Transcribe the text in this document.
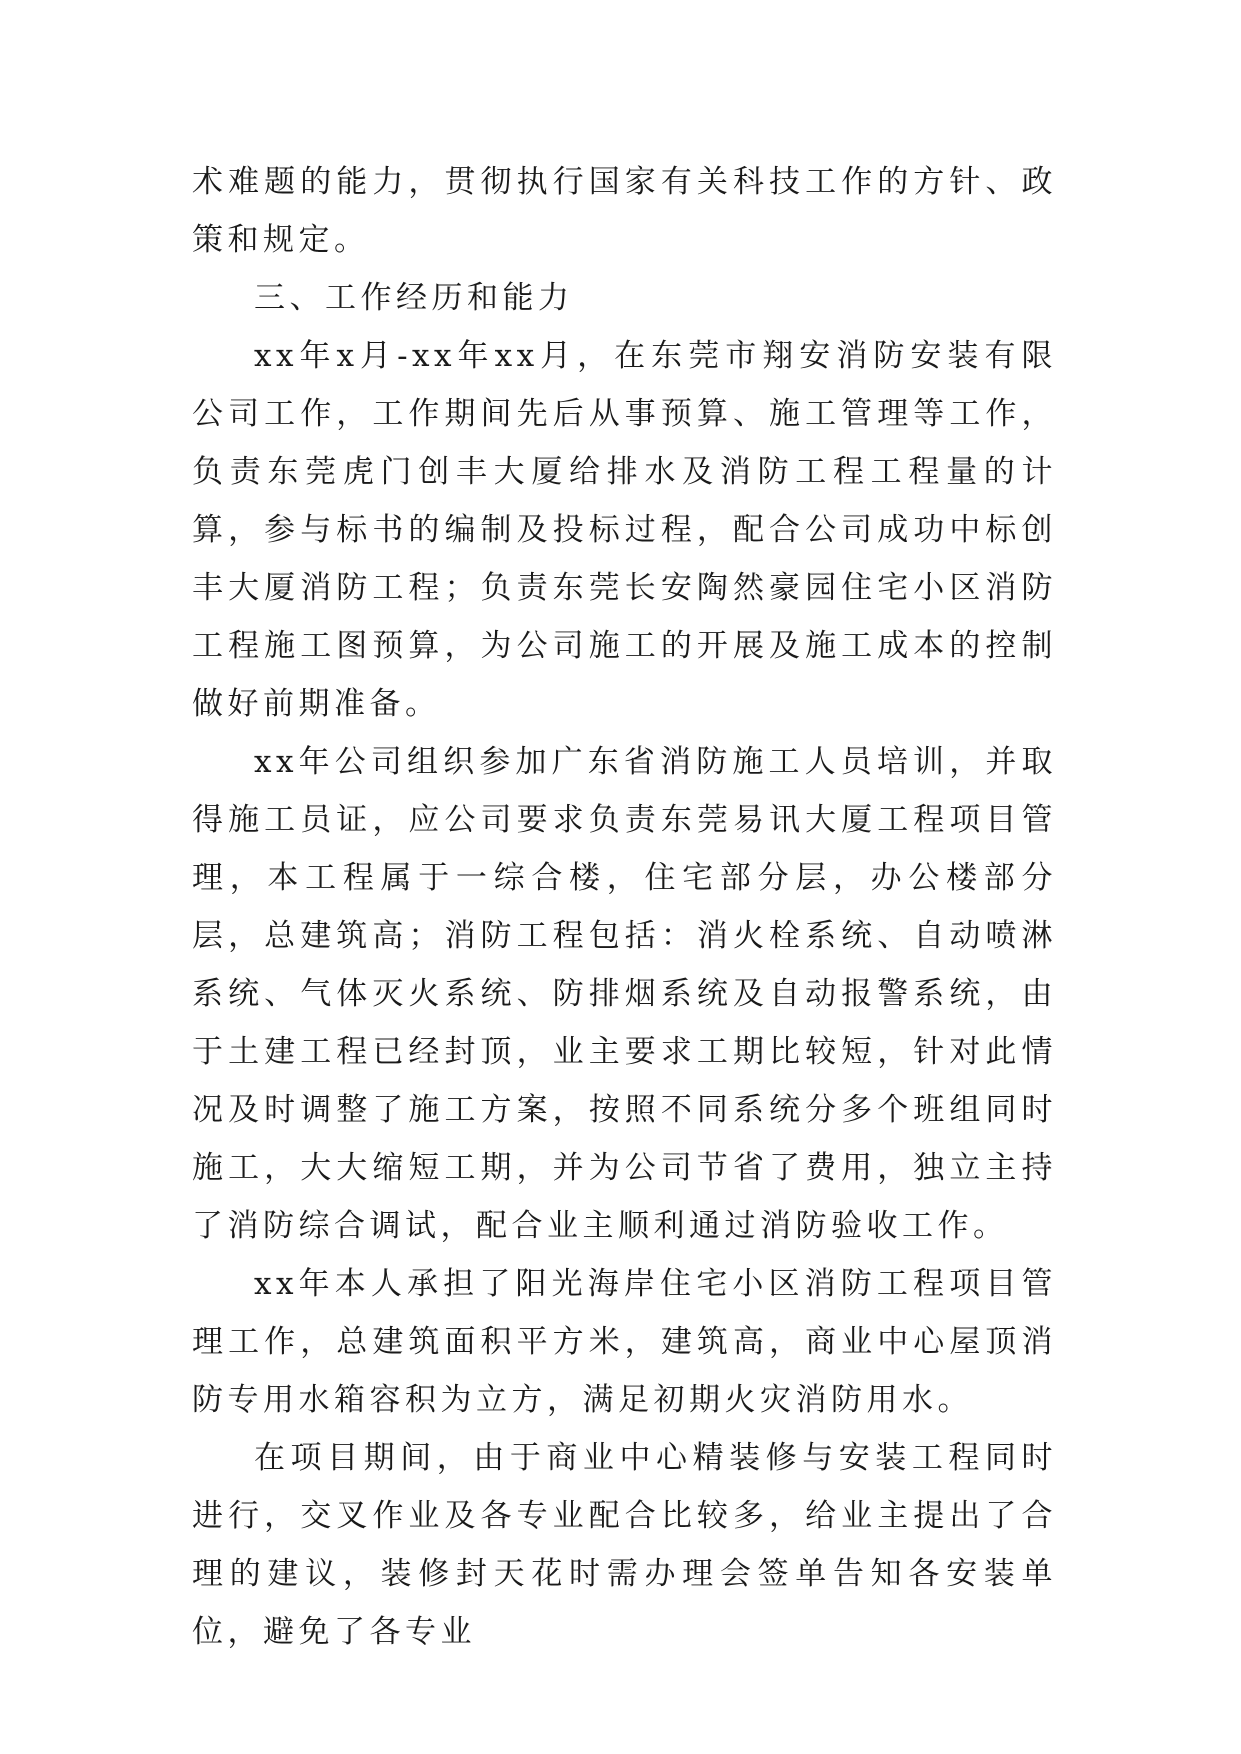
术难题的能力，贯彻执行国家有关科技工作的方针、政策和规定。

三、工作经历和能力

xx年x月-xx年xx月，在东莞市翔安消防安装有限公司工作，工作期间先后从事预算、施工管理等工作，负责东莞虎门创丰大厦给排水及消防工程工程量的计算，参与标书的编制及投标过程，配合公司成功中标创丰大厦消防工程；负责东莞长安陶然豪园住宅小区消防工程施工图预算，为公司施工的开展及施工成本的控制做好前期准备。

xx年公司组织参加广东省消防施工人员培训，并取得施工员证，应公司要求负责东莞易讯大厦工程项目管理，本工程属于一综合楼，住宅部分层，办公楼部分层，总建筑高；消防工程包括：消火栓系统、自动喷淋系统、气体灭火系统、防排烟系统及自动报警系统，由于土建工程已经封顶，业主要求工期比较短，针对此情况及时调整了施工方案，按照不同系统分多个班组同时施工，大大缩短工期，并为公司节省了费用，独立主持了消防综合调试，配合业主顺利通过消防验收工作。

xx年本人承担了阳光海岸住宅小区消防工程项目管理工作，总建筑面积平方米，建筑高，商业中心屋顶消防专用水箱容积为立方，满足初期火灾消防用水。

在项目期间，由于商业中心精装修与安装工程同时进行，交叉作业及各专业配合比较多，给业主提出了合理的建议，装修封天花时需办理会签单告知各安装单位，避免了各专业
